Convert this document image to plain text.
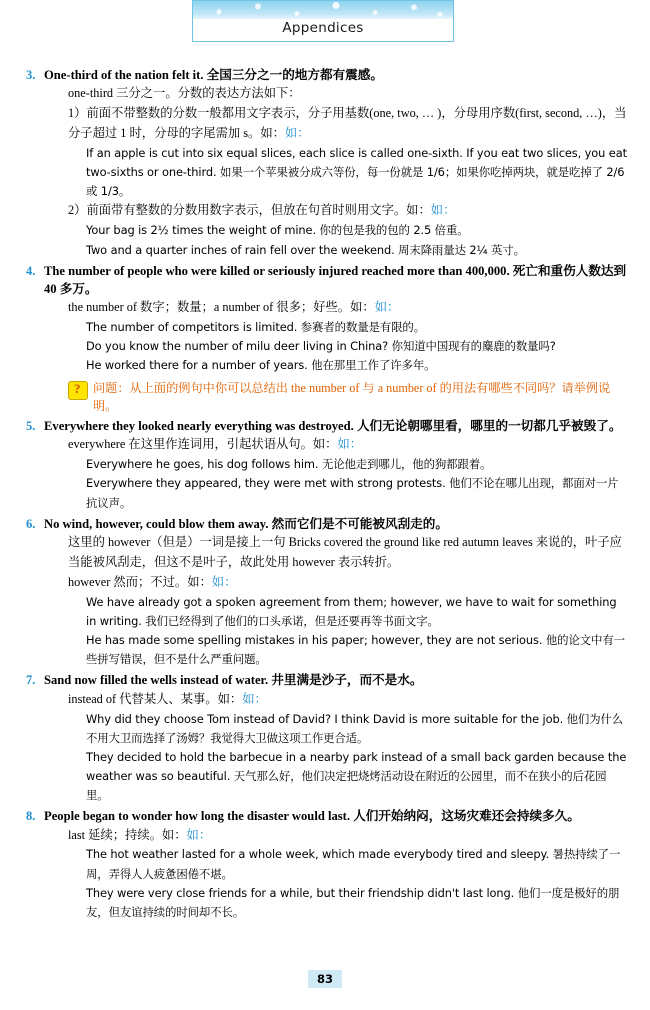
Appendices
3. One-third of the nation felt it. 全国三分之一的地方都有震感。

one-third 三分之一。分数的表达方法如下：

1）前面不带整数的分数一般都用文字表示，分子用基数(one, two, … )，分母用序数(first, second, …)，当分子超过 1 时，分母的字尾需加 s。如：如：

If an apple is cut into six equal slices, each slice is called one-sixth. If you eat two slices, you eat two-sixths or one-third. 如果一个苹果被分成六等份，每一份就是 1/6；如果你吃掉两块，就是吃掉了 2/6 或 1/3。

2）前面带有整数的分数用数字表示，但放在句首时则用文字。如：如：

Your bag is 2½ times the weight of mine. 你的包是我的包的 2.5 倍重。

Two and a quarter inches of rain fell over the weekend. 周末降雨量达 2¼ 英寸。

4. The number of people who were killed or seriously injured reached more than 400,000. 死亡和重伤人数达到 40 多万。

the number of 数字；数量；a number of 很多；好些。如：如：

The number of competitors is limited. 参赛者的数量是有限的。

Do you know the number of milu deer living in China? 你知道中国现有的麋鹿的数量吗?

He worked there for a number of years. 他在那里工作了许多年。

?
问题：从上面的例句中你可以总结出 the number of 与 a number of 的用法有哪些不同吗？请举例说明。
5. Everywhere they looked nearly everything was destroyed. 人们无论朝哪里看，哪里的一切都几乎被毁了。

everywhere 在这里作连词用，引起状语从句。如：如：

Everywhere he goes, his dog follows him. 无论他走到哪儿，他的狗都跟着。

Everywhere they appeared, they were met with strong protests. 他们不论在哪儿出现，都面对一片抗议声。

6. No wind, however, could blow them away. 然而它们是不可能被风刮走的。

这里的 however（但是）一词是接上一句 Bricks covered the ground like red autumn leaves 来说的，叶子应当能被风刮走，但这不是叶子，故此处用 however 表示转折。

however 然而；不过。如：如：

We have already got a spoken agreement from them; however, we have to wait for something in writing. 我们已经得到了他们的口头承诺，但是还要再等书面文字。

He has made some spelling mistakes in his paper; however, they are not serious. 他的论文中有一些拼写错误，但不是什么严重问题。

7. Sand now filled the wells instead of water. 井里满是沙子，而不是水。

instead of 代替某人、某事。如：如：

Why did they choose Tom instead of David? I think David is more suitable for the job. 他们为什么不用大卫而选择了汤姆？我觉得大卫做这项工作更合适。

They decided to hold the barbecue in a nearby park instead of a small back garden because the weather was so beautiful. 天气那么好，他们决定把烧烤活动设在附近的公园里，而不在狭小的后花园里。

8. People began to wonder how long the disaster would last. 人们开始纳闷，这场灾难还会持续多久。

last 延续；持续。如：如：

The hot weather lasted for a whole week, which made everybody tired and sleepy. 暑热持续了一周，弄得人人疲惫困倦不堪。

They were very close friends for a while, but their friendship didn't last long. 他们一度是极好的朋友，但友谊持续的时间却不长。

83
